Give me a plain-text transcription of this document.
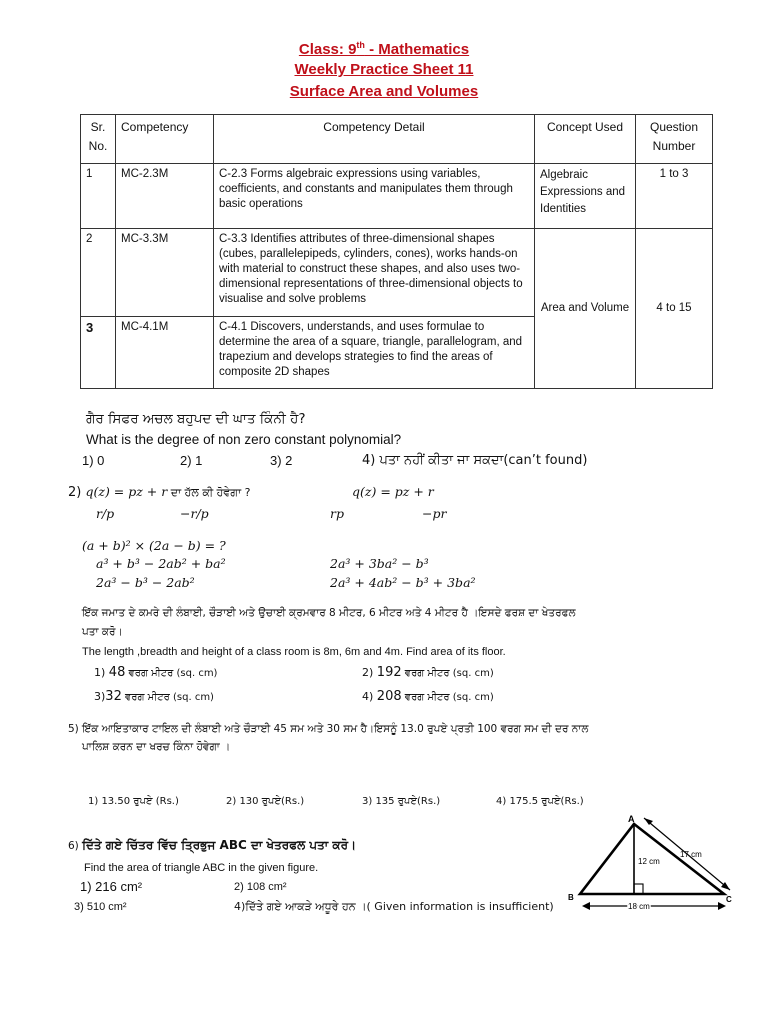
Class: 9th - Mathematics
Weekly Practice Sheet 11
Surface Area and Volumes
Sr. No.	Competency	Competency Detail	Concept Used	Question Number
1	MC-2.3M	C-2.3 Forms algebraic expressions using variables, coefficients, and constants and manipulates them through basic operations	Algebraic Expressions and Identities	1 to 3
2	MC-3.3M	C-3.3 Identifies attributes of three-dimensional shapes (cubes, parallelepipeds, cylinders, cones), works hands-on with material to construct these shapes, and also uses two-dimensional representations of three-dimensional objects to visualise and solve problems	Area and Volume	4 to 15
3	MC-4.1M	C-4.1 Discovers, understands, and uses formulae to determine the area of a square, triangle, parallelogram, and trapezium and develops strategies to find the areas of composite 2D shapes		
ਗੈਰ ਸਿਫਰ ਅਚਲ ਬਹੁਪਦ ਦੀ ਘਾਤ ਕਿੰਨੀ ਹੈ?
What is the degree of non zero constant polynomial?
1) 0	2) 1	3) 2	4) ਪਤਾ ਨਹੀਂ ਕੀਤਾ ਜਾ ਸਕਦਾ(can’t found)
2) q(z) = pz + r ਦਾ ਹੱਲ ਕੀ ਹੋਵੇਗਾ ?	q(z) = pz + r
r/p	−r/p	rp	−pr
(a + b)² × (2a − b) = ?
a³ + b³ − 2ab² + ba²	2a³ + 3ba² − b³
2a³ − b³ − 2ab²	2a³ + 4ab² − b³ + 3ba²
ਇੱਕ ਜਮਾਤ ਦੇ ਕਮਰੇ ਦੀ ਲੰਬਾਈ, ਚੌੜਾਈ ਅਤੇ ਉਚਾਈ ਕ੍ਰਮਵਾਰ 8 ਮੀਟਰ, 6 ਮੀਟਰ ਅਤੇ 4 ਮੀਟਰ ਹੈ ।ਇਸਦੇ ਫਰਸ਼ ਦਾ ਖੇਤਰਫਲ
ਪਤਾ ਕਰੋ।
The length ,breadth and height of a class room is 8m, 6m and 4m. Find area of its floor.
1) 48 ਵਰਗ ਮੀਟਰ (sq. cm)	2) 192 ਵਰਗ ਮੀਟਰ (sq. cm)
3)32 ਵਰਗ ਮੀਟਰ (sq. cm)	4) 208 ਵਰਗ ਮੀਟਰ (sq. cm)
5) ਇੱਕ ਆਇਤਾਕਾਰ ਟਾਇਲ ਦੀ ਲੰਬਾਈ ਅਤੇ ਚੌੜਾਈ 45 ਸਮ ਅਤੇ 30 ਸਮ ਹੈ।ਇਸਨੂੰ 13.0 ਰੁਪਏ ਪ੍ਰਤੀ 100 ਵਰਗ ਸਮ ਦੀ ਦਰ ਨਾਲ
ਪਾਲਿਸ਼ ਕਰਨ ਦਾ ਖਰਚ ਕਿੰਨਾ ਹੋਵੇਗਾ ।
1) 13.50 ਰੁਪਏ (Rs.)	2) 130 ਰੁਪਏ(Rs.)	3) 135 ਰੁਪਏ(Rs.)	4) 175.5 ਰੁਪਏ(Rs.)
6) ਦਿੱਤੇ ਗਏ ਚਿੱਤਰ ਵਿੱਚ ਤ੍ਰਿਭੁਜ ABC ਦਾ ਖੇਤਰਫਲ ਪਤਾ ਕਰੋ।
Find the area of triangle ABC in the given figure.
1) 216 cm²	2) 108 cm²
3) 510 cm²	4)ਦਿੱਤੇ ਗਏ ਆਕੜੇ ਅਧੂਰੇ ਹਨ ।( Given information is insufficient)
A
B	C
12 cm
17 cm
18 cm
